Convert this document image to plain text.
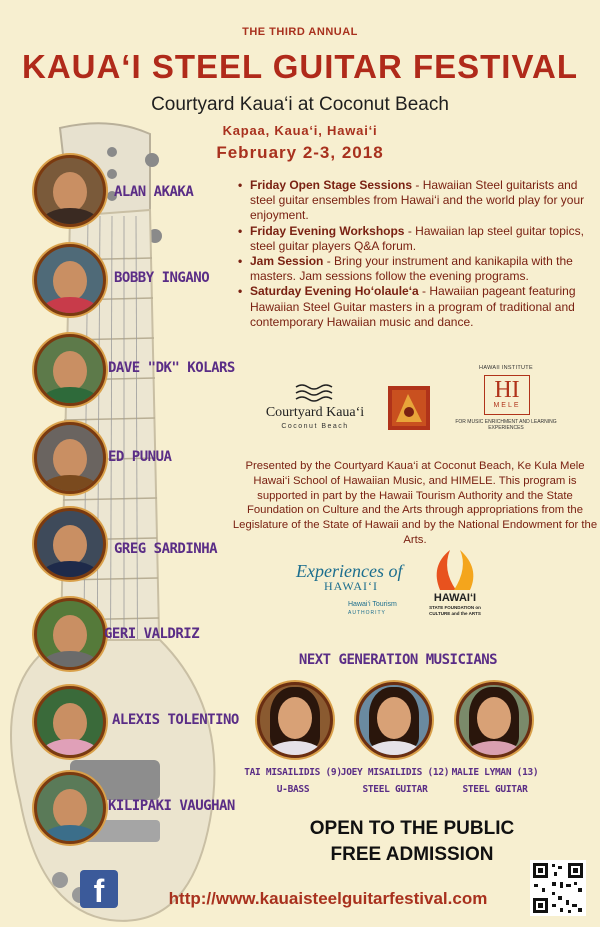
THE THIRD ANNUAL
KAUA‘I STEEL GUITAR FESTIVAL
Courtyard Kaua‘i at Coconut Beach
Kapaa, Kaua‘i, Hawai‘i
February 2-3, 2018
ALAN AKAKA
BOBBY INGANO
DAVE "DK" KOLARS
ED PUNUA
GREG SARDINHA
GERI VALDRIZ
ALEXIS TOLENTINO
KILIPAKI VAUGHAN
• Friday Open Stage Sessions - Hawaiian Steel guitarists and steel guitar ensembles from Hawai‘i and the world play for your enjoyment.
• Friday Evening Workshops - Hawaiian lap steel guitar topics, steel guitar players Q&A forum.
• Jam Session - Bring your instrument and kanikapila with the masters. Jam sessions follow the evening programs.
• Saturday Evening Ho‘olaule‘a - Hawaiian pageant featuring Hawaiian Steel Guitar masters in a program of traditional and contemporary Hawaiian music and dance.
Courtyard Kaua‘i
Coconut Beach
HAWAII INSTITUTE
HI
MELE
FOR MUSIC ENRICHMENT AND LEARNING EXPERIENCES
Presented by the Courtyard Kaua‘i at Coconut Beach, Ke Kula Mele Hawai‘i School of Hawaiian Music, and HIMELE. This program is supported in part by the Hawaii Tourism Authority and the State Foundation on Culture and the Arts through appropriations from the Legislature of the State of Hawaii and by the National Endowment for the Arts.
Experiences of
HAWAI‘I
Hawai‘i Tourism
AUTHORITY
HAWAI‘I
STATE FOUNDATION on CULTURE and the ARTS
NEXT GENERATION MUSICIANS
TAI MISAILIDIS (9)
U-BASS
JOEY MISAILIDIS (12)
STEEL GUITAR
MALIE LYMAN (13)
STEEL GUITAR
OPEN TO THE PUBLIC
FREE ADMISSION
f	http://www.kauaisteelguitarfestival.com
